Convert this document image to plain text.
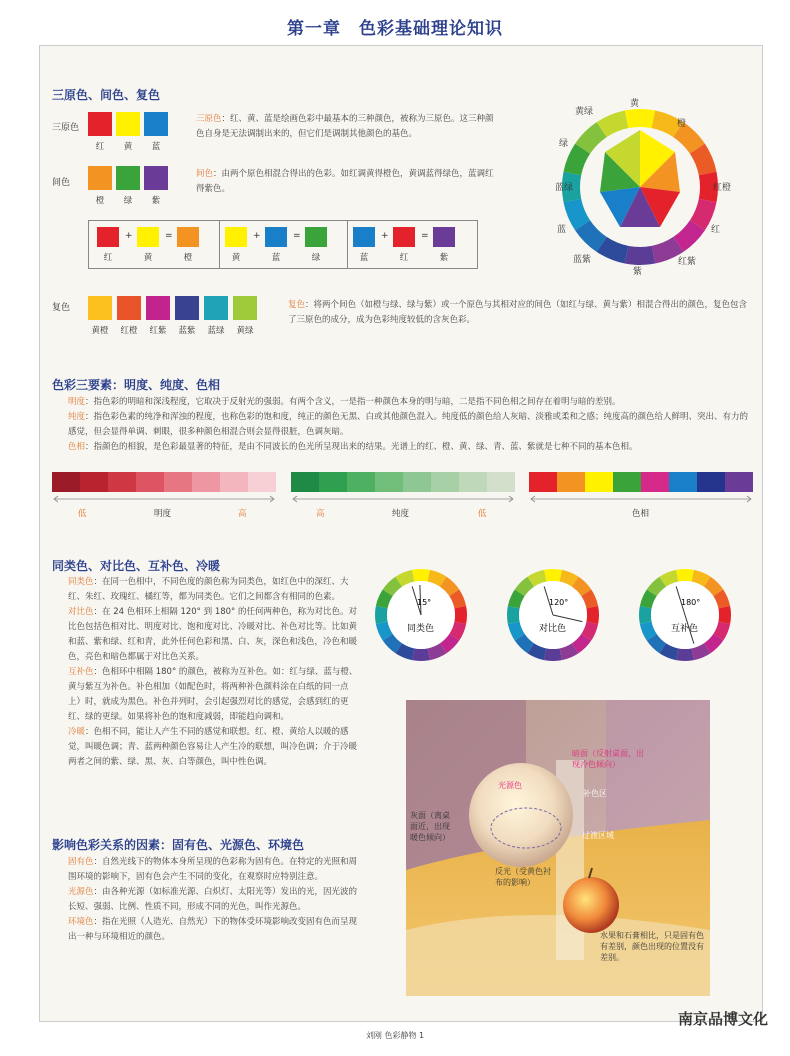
第一章　色彩基础理论知识
三原色、间色、复色
三原色
红	黄	蓝
三原色：红、黄、蓝是绘画色彩中最基本的三种颜色，被称为三原色。这三种颜色自身是无法调制出来的，但它们是调制其他颜色的基色。
间色
橙	绿	紫
间色：由两个原色相混合得出的色彩。如红调黄得橙色，黄调蓝得绿色，蓝调红得紫色。
红
+
黄
=
橙	黄
+
蓝
=
绿	蓝
+
红
=
紫
复色
黄橙	红橙	红紫	蓝紫	蓝绿	黄绿
复色：将两个间色（如橙与绿、绿与紫）或一个原色与其相对应的间色（如红与绿、黄与紫）相混合得出的颜色，复色包含了三原色的成分，成为色彩纯度较低的含灰色彩。
黄
橙
红橙
红
红紫
紫
蓝紫
蓝
蓝绿
绿
黄绿
色彩三要素：明度、纯度、色相
明度：指色彩的明暗和深浅程度，它取决于反射光的强弱。有两个含义，一是指一种颜色本身的明与暗，二是指不同色相之间存在着明与暗的差别。
纯度：指色彩色素的纯净和浑浊的程度，也称色彩的饱和度，纯正的颜色无黑、白或其他颜色混入。纯度低的颜色给人灰暗、淡雅或柔和之感；纯度高的颜色给人鲜明、突出、有力的感觉，但会显得单调、刺眼，很多种颜色相混合则会显得很脏，色调灰暗。
色相：指颜色的相貌，是色彩最显著的特征，是由不同波长的色光所呈现出来的结果。光谱上的红、橙、黄、绿、青、蓝、紫就是七种不同的基本色相。
低	明度	高	高	纯度	低	色相
同类色、对比色、互补色、冷暖
同类色：在同一色相中，不同色度的颜色称为同类色，如红色中的深红、大红、朱红、玫瑰红、橘红等，都为同类色。它们之间都含有相同的色素。
对比色：在 24 色相环上相隔 120° 到 180° 的任何两种色，称为对比色。对比色包括色相对比、明度对比、饱和度对比、冷暖对比、补色对比等。比如黄和蓝、紫和绿、红和青，此外任何色彩和黑、白、灰，深色和浅色，冷色和暖色，亮色和暗色都属于对比色关系。
互补色：色相环中相隔 180° 的颜色，被称为互补色。如：红与绿、蓝与橙、黄与紫互为补色。补色相加（如配色时，将两种补色颜料涂在白纸的同一点上）时，就成为黑色。补色并列时，会引起强烈对比的感觉，会感到红的更红、绿的更绿。如果将补色的饱和度减弱，即能趋向调和。
冷暖：色相不同，能让人产生不同的感觉和联想。红、橙、黄给人以暖的感觉，叫暖色调；青、蓝两种颜色容易让人产生冷的联想，叫冷色调；介于冷暖两者之间的紫、绿、黑、灰、白等颜色，叫中性色调。
15°
同类色
120°
对比色
180°
互补色
影响色彩关系的因素：固有色、光源色、环境色
固有色：自然光线下的物体本身所呈现的色彩称为固有色。在特定的光照和周围环境的影响下，固有色会产生不同的变化，在观察时应特别注意。
光源色：由各种光源（如标准光源、白炽灯、太阳光等）发出的光，因光波的长短、强弱、比例、性质不同，形成不同的光色，叫作光源色。
环境色：指在光照（人造光、自然光）下的物体受环境影响改变固有色而呈现出一种与环境相近的颜色。
暗面（反射桌面，出现冷色倾向）
光源色
补色区
灰面（离桌面近，出现暖色倾向）	过渡区域
反光（受黄色衬布的影响）
水果和石膏相比，只是固有色有差别，颜色出现的位置没有差别。
刘刚 色彩静物 1
南京品博文化
